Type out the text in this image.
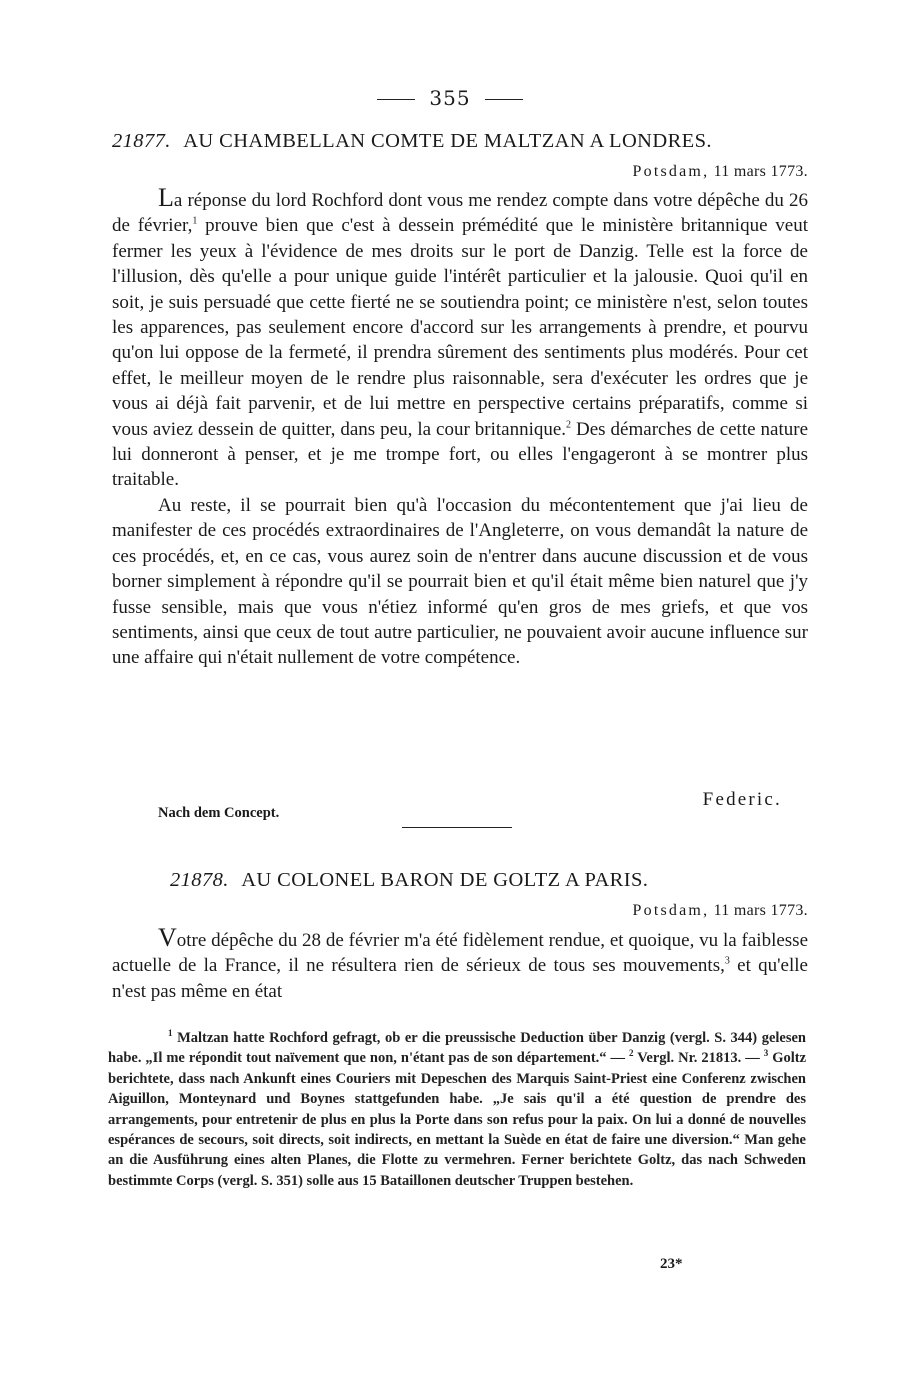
355
21877. AU CHAMBELLAN COMTE DE MALTZAN A LONDRES.
Potsdam, 11 mars 1773.

La réponse du lord Rochford dont vous me rendez compte dans votre dépêche du 26 de février,$^1$ prouve bien que c'est à dessein prémédité que le ministère britannique veut fermer les yeux à l'évidence de mes droits sur le port de Danzig. Telle est la force de l'illusion, dès qu'elle a pour unique guide l'intérêt particulier et la jalousie. Quoi qu'il en soit, je suis persuadé que cette fierté ne se soutiendra point; ce ministère n'est, selon toutes les apparences, pas seulement encore d'accord sur les arrangements à prendre, et pourvu qu'on lui oppose de la fermeté, il prendra sûrement des sentiments plus modérés. Pour cet effet, le meilleur moyen de le rendre plus raisonnable, sera d'exécuter les ordres que je vous ai déjà fait parvenir, et de lui mettre en perspective certains préparatifs, comme si vous aviez dessein de quitter, dans peu, la cour britannique.$^2$ Des démarches de cette nature lui donneront à penser, et je me trompe fort, ou elles l'engageront à se montrer plus traitable.

Au reste, il se pourrait bien qu'à l'occasion du mécontentement que j'ai lieu de manifester de ces procédés extraordinaires de l'Angleterre, on vous demandât la nature de ces procédés, et, en ce cas, vous aurez soin de n'entrer dans aucune discussion et de vous borner simplement à répondre qu'il se pourrait bien et qu'il était même bien naturel que j'y fusse sensible, mais que vous n'étiez informé qu'en gros de mes griefs, et que vos sentiments, ainsi que ceux de tout autre particulier, ne pouvaient avoir aucune influence sur une affaire qui n'était nullement de votre compétence.

Federic.
Nach dem Concept.
21878. AU COLONEL BARON DE GOLTZ A PARIS.
Potsdam, 11 mars 1773.

Votre dépêche du 28 de février m'a été fidèlement rendue, et quoique, vu la faiblesse actuelle de la France, il ne résultera rien de sérieux de tous ses mouvements,$^3$ et qu'elle n'est pas même en état

$^1$ Maltzan hatte Rochford gefragt, ob er die preussische Deduction über Danzig (vergl. S. 344) gelesen habe. „Il me répondit tout naïvement que non, n'étant pas de son département.“ — $^2$ Vergl. Nr. 21813. — $^3$ Goltz berichtete, dass nach Ankunft eines Couriers mit Depeschen des Marquis Saint-Priest eine Conferenz zwischen Aiguillon, Monteynard und Boynes stattgefunden habe. „Je sais qu'il a été question de prendre des arrangements, pour entretenir de plus en plus la Porte dans son refus pour la paix. On lui a donné de nouvelles espérances de secours, soit directs, soit indirects, en mettant la Suède en état de faire une diversion.“ Man gehe an die Ausführung eines alten Planes, die Flotte zu vermehren. Ferner berichtete Goltz, das nach Schweden bestimmte Corps (vergl. S. 351) solle aus 15 Bataillonen deutscher Truppen bestehen.

23*
